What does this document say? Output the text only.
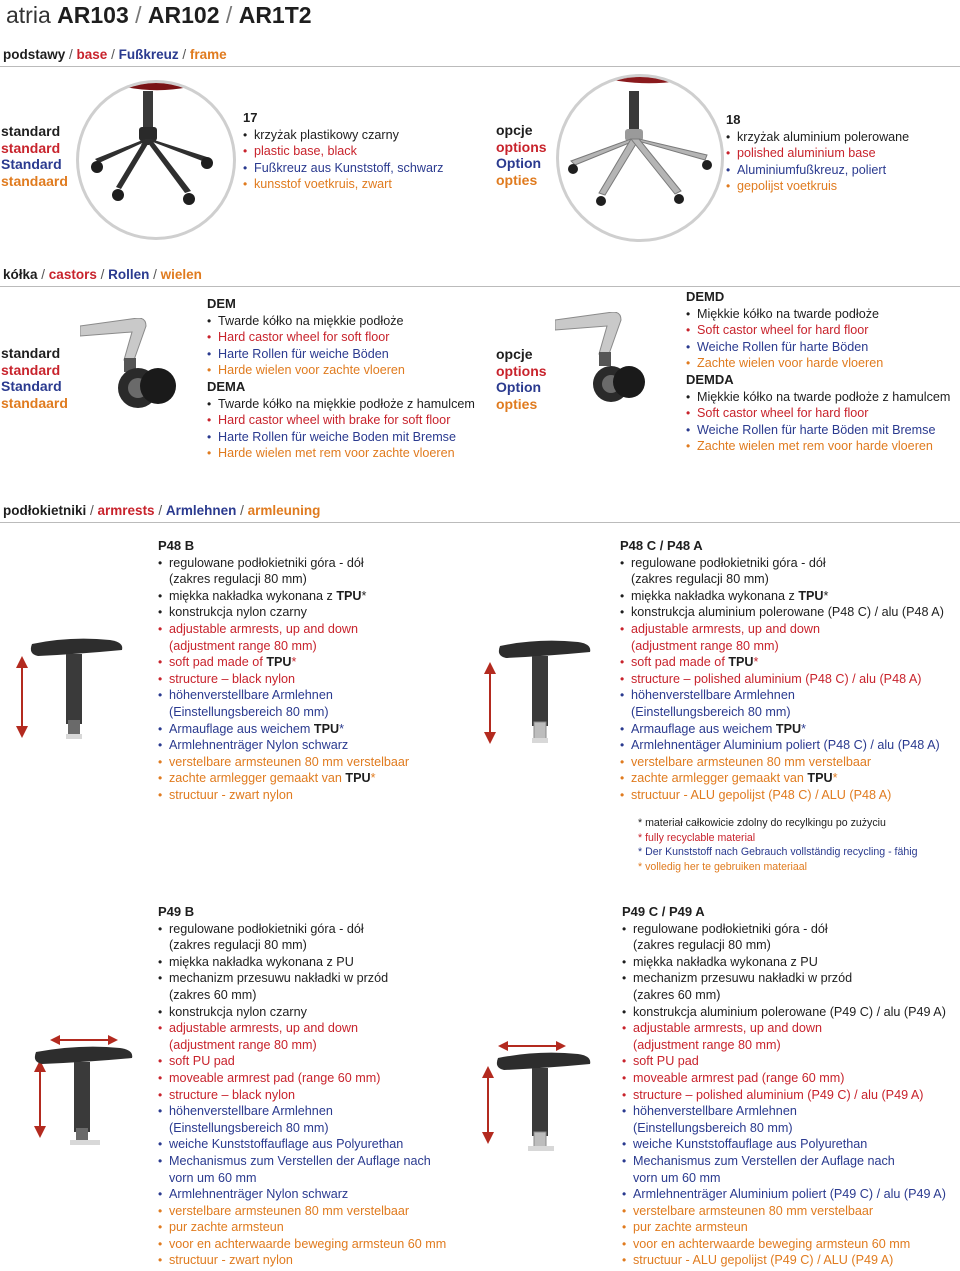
atria AR103 / AR102 / AR1T2
podstawy / base / Fußkreuz / frame
standard
standard
Standard
standaard
17
• krzyżak plastikowy czarny
• plastic base, black
• Fußkreuz aus Kunststoff, schwarz
• kunsstof voetkruis, zwart
opcje
options
Option
opties
18
• krzyżak aluminium polerowane
• polished aluminium base
• Aluminiumfußkreuz, poliert
• gepolijst voetkruis
kółka / castors / Rollen / wielen
standard
standard
Standard
standaard
DEM
• Twarde kółko na miękkie podłoże
• Hard castor wheel for soft floor
• Harte Rollen für weiche Böden
• Harde wielen voor zachte vloeren
DEMA
• Twarde kółko na miękkie podłoże z hamulcem
• Hard castor wheel with brake for soft floor
• Harte Rollen für weiche Boden mit Bremse
• Harde wielen met rem voor zachte vloeren
opcje
options
Option
opties
DEMD
• Miękkie kółko na twarde podłoże
• Soft castor wheel for hard floor
• Weiche Rollen für harte Böden
• Zachte wielen voor harde vloeren
DEMDA
• Miękkie kółko na twarde podłoże z hamulcem
• Soft castor wheel for hard floor
• Weiche Rollen für harte Böden mit Bremse
• Zachte wielen met rem voor harde vloeren
podłokietniki / armrests / Armlehnen / armleuning
P48 B
• regulowane podłokietniki góra - dół
(zakres regulacji 80 mm)
• miękka nakładka wykonana z TPU*
• konstrukcja nylon czarny
• adjustable armrests, up and down
(adjustment range 80 mm)
• soft pad made of TPU*
• structure – black nylon
• höhenverstellbare Armlehnen
(Einstellungsbereich 80 mm)
• Armauflage aus weichem TPU*
• Armlehnenträger Nylon schwarz
• verstelbare armsteunen 80 mm verstelbaar
• zachte armlegger gemaakt van TPU*
• structuur - zwart nylon
P48 C / P48 A
• regulowane podłokietniki góra - dół
(zakres regulacji 80 mm)
• miękka nakładka wykonana z TPU*
• konstrukcja aluminium polerowane (P48 C) / alu (P48 A)
• adjustable armrests, up and down
(adjustment range 80 mm)
• soft pad made of TPU*
• structure – polished aluminium (P48 C) / alu (P48 A)
• höhenverstellbare Armlehnen
(Einstellungsbereich 80 mm)
• Armauflage aus weichem TPU*
• Armlehnentäger Aluminium poliert (P48 C) / alu (P48 A)
• verstelbare armsteunen 80 mm verstelbaar
• zachte armlegger gemaakt van TPU*
• structuur - ALU gepolijst (P48 C) / ALU (P48 A)
* materiał całkowicie zdolny do recylkingu po zużyciu
* fully recyclable material
* Der Kunststoff nach Gebrauch vollständig recycling - fähig
* volledig her te gebruiken materiaal
P49 B
• regulowane podłokietniki góra - dół
(zakres regulacji 80 mm)
• miękka nakładka wykonana z PU
• mechanizm przesuwu nakładki w przód
(zakres 60 mm)
• konstrukcja nylon czarny
• adjustable armrests, up and down
(adjustment range 80 mm)
• soft PU pad
• moveable armrest pad (range 60 mm)
• structure – black nylon
• höhenverstellbare Armlehnen
(Einstellungsbereich 80 mm)
• weiche Kunststoffauflage aus Polyurethan
• Mechanismus zum Verstellen der Auflage nach
vorn um 60 mm
• Armlehnenträger Nylon schwarz
• verstelbare armsteunen 80 mm verstelbaar
• pur zachte armsteun
• voor en achterwaarde beweging armsteun 60 mm
• structuur - zwart nylon
P49 C / P49 A
• regulowane podłokietniki góra - dół
(zakres regulacji 80 mm)
• miękka nakładka wykonana z PU
• mechanizm przesuwu nakładki w przód
(zakres 60 mm)
• konstrukcja aluminium polerowane (P49 C) / alu (P49 A)
• adjustable armrests, up and down
(adjustment range 80 mm)
• soft PU pad
• moveable armrest pad (range 60 mm)
• structure – polished aluminium (P49 C) / alu (P49 A)
• höhenverstellbare Armlehnen
(Einstellungsbereich 80 mm)
• weiche Kunststoffauflage aus Polyurethan
• Mechanismus zum Verstellen der Auflage nach
vorn um 60 mm
• Armlehnenträger Aluminium poliert (P49 C) / alu (P49 A)
• verstelbare armsteunen 80 mm verstelbaar
• pur zachte armsteun
• voor en achterwaarde beweging armsteun 60 mm
• structuur - ALU gepolijst (P49 C) / ALU (P49 A)
